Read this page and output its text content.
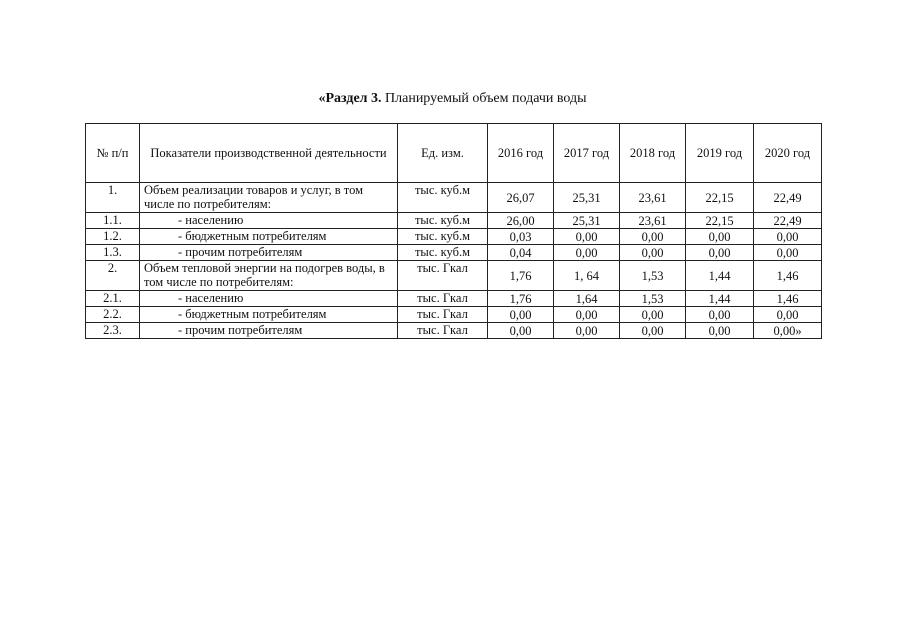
«Раздел 3. Планируемый объем подачи воды
№ п/п	Показатели производственной деятельности	Ед. изм.	2016 год	2017 год	2018 год	2019 год	2020 год
1.	Объем реализации товаров и услуг, в том числе по потребителям:	тыс. куб.м	26,07	25,31	23,61	22,15	22,49
1.1.	- населению	тыс. куб.м	26,00	25,31	23,61	22,15	22,49
1.2.	- бюджетным потребителям	тыс. куб.м	0,03	0,00	0,00	0,00	0,00
1.3.	- прочим потребителям	тыс. куб.м	0,04	0,00	0,00	0,00	0,00
2.	Объем тепловой энергии на подогрев воды, в том числе по потребителям:	тыс. Гкал	1,76	1, 64	1,53	1,44	1,46
2.1.	- населению	тыс. Гкал	1,76	1,64	1,53	1,44	1,46
2.2.	- бюджетным потребителям	тыс. Гкал	0,00	0,00	0,00	0,00	0,00
2.3.	- прочим потребителям	тыс. Гкал	0,00	0,00	0,00	0,00	0,00»
